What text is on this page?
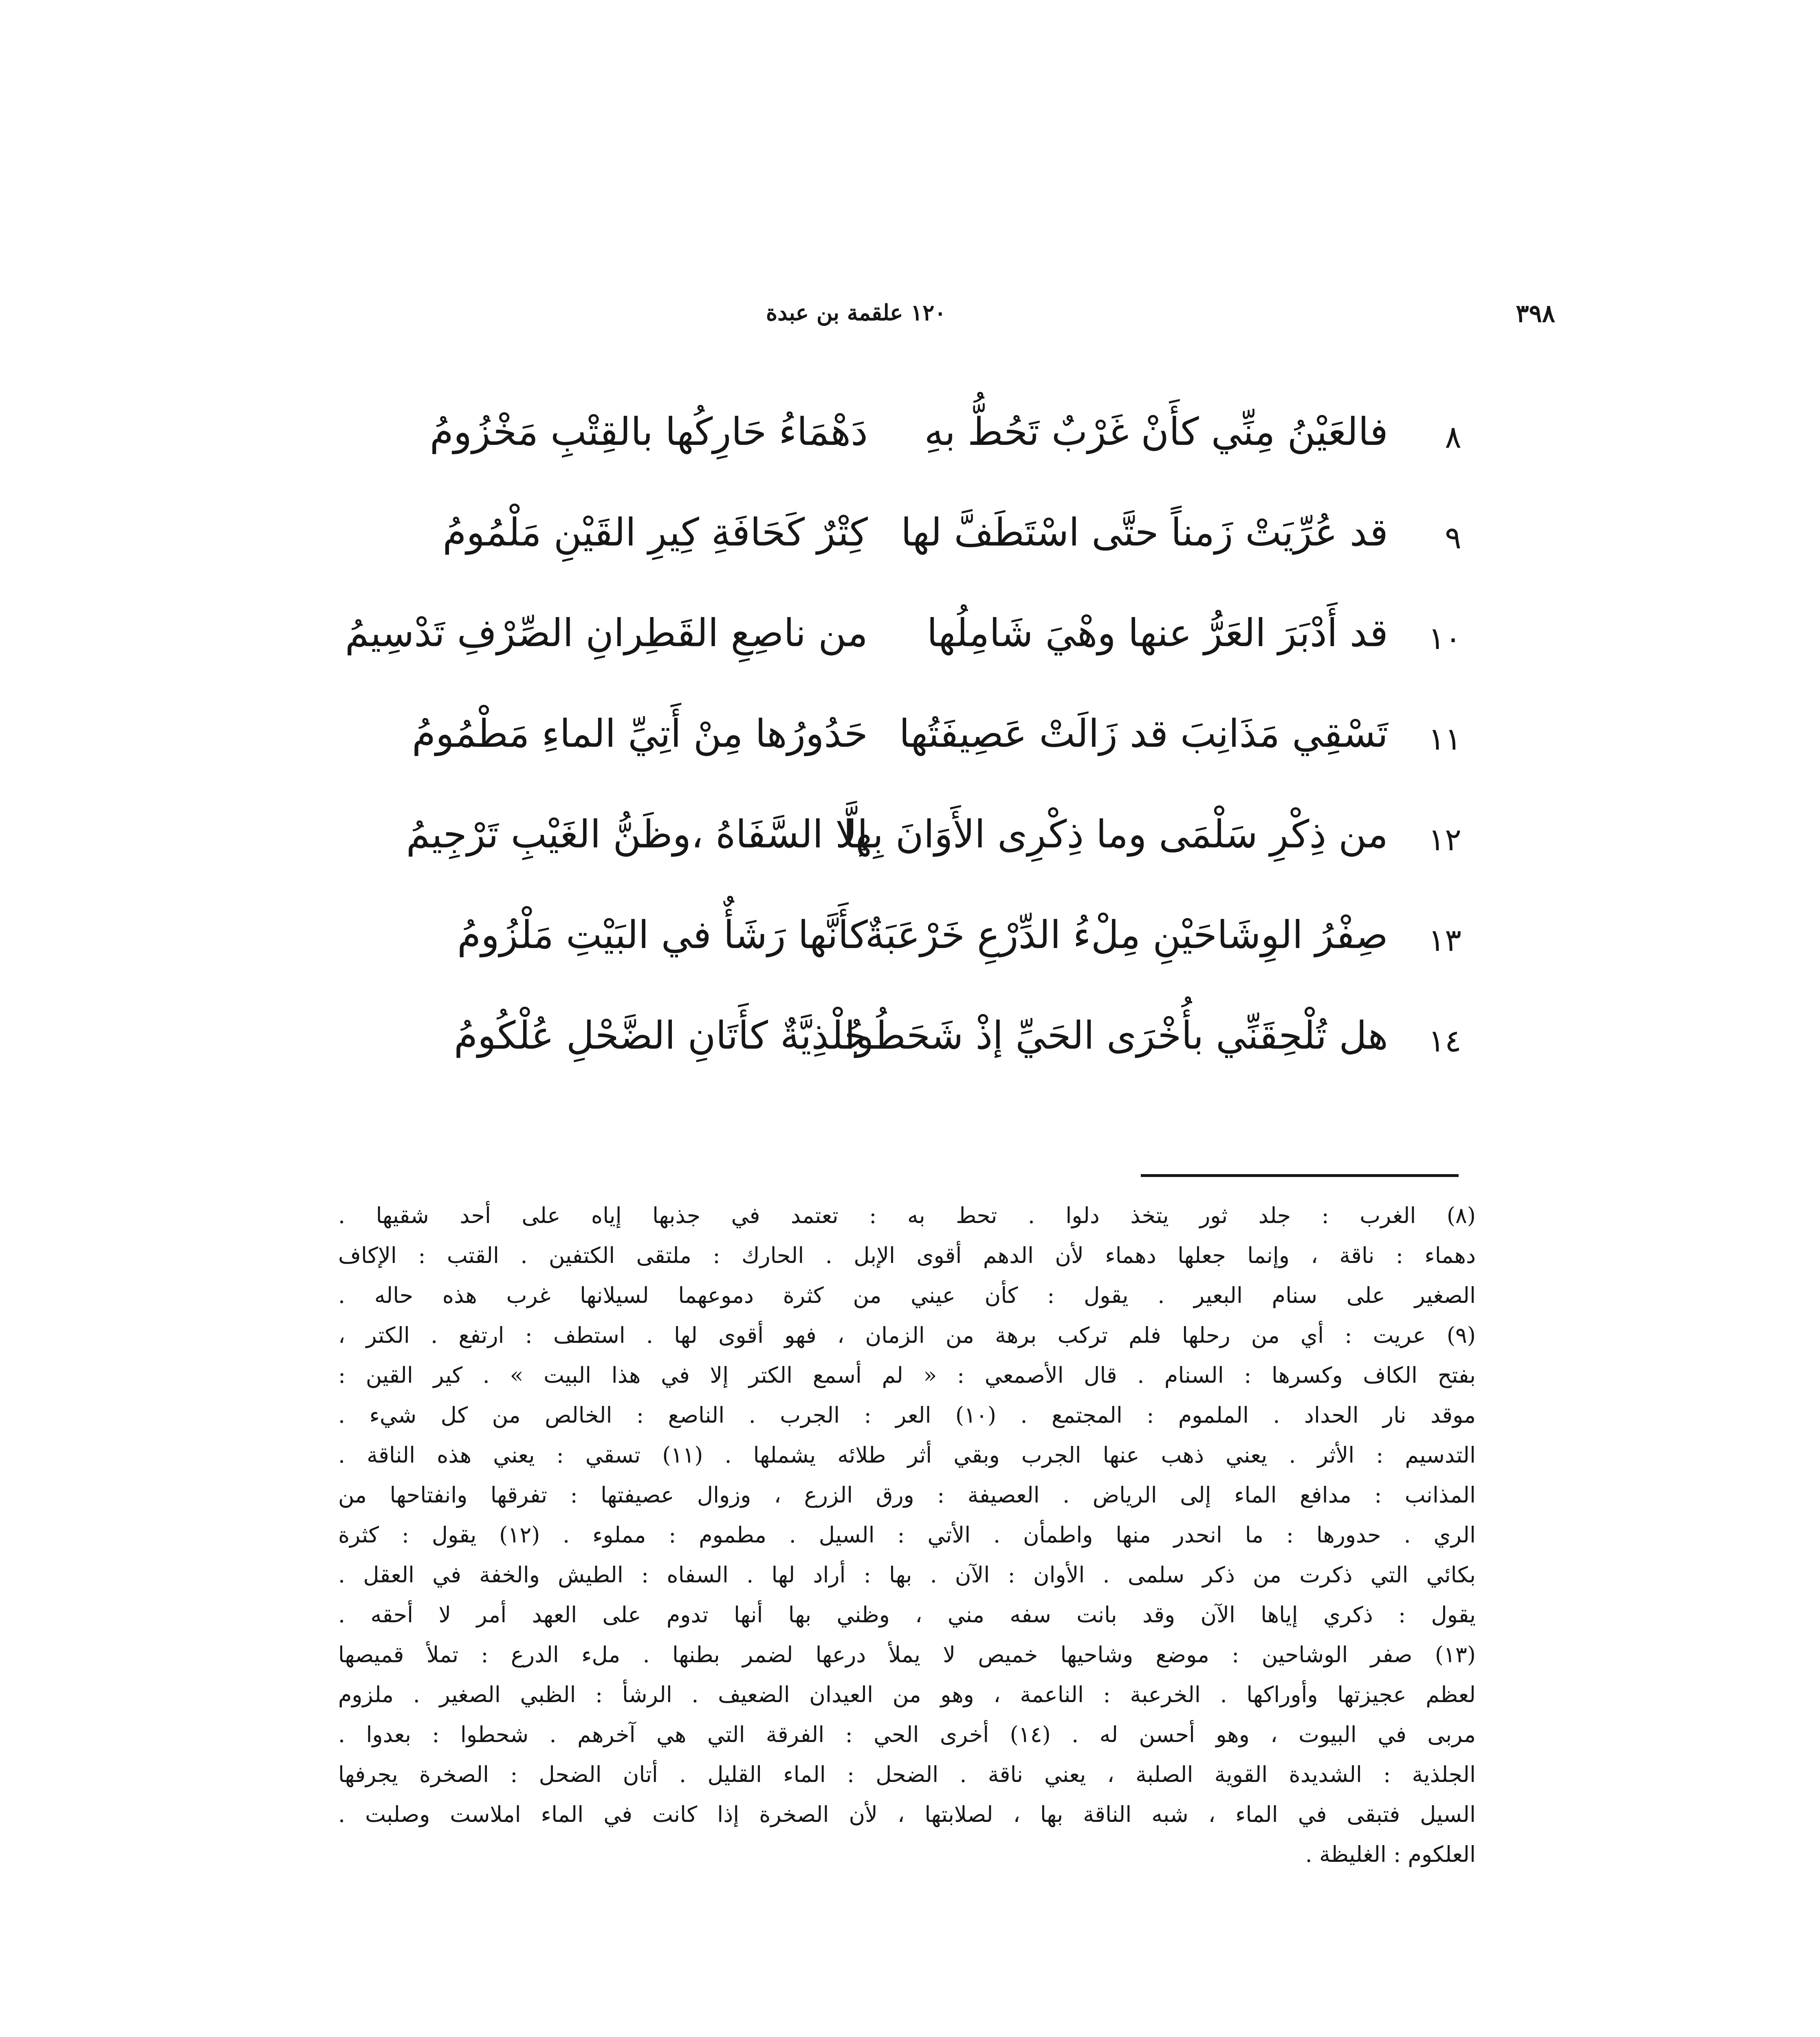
٣٩٨
١٢٠ علقمة بن عبدة
٨
فالعَيْنُ مِنِّي كأَنْ غَرْبٌ تَحُطُّ بهِ
دَهْمَاءُ حَارِكُها بالقِتْبِ مَخْزُومُ
٩
قد عُرِّيَتْ زَمناً حتَّى اسْتَطَفَّ لها
كِتْرٌ كَحَافَةِ كِيرِ القَيْنِ مَلْمُومُ
١٠
قد أَدْبَرَ العَرُّ عنها وهْيَ شَامِلُها
من ناصِعِ القَطِرانِ الصِّرْفِ تَدْسِيمُ
١١
تَسْقِي مَذَانِبَ قد زَالَتْ عَصِيفَتُها
حَدُورُها مِنْ أَتِيِّ الماءِ مَطْمُومُ
١٢
من ذِكْرِ سَلْمَى وما ذِكْرِى الأَوَانَ بِها
إلَّا السَّفَاهُ ،وظَنُّ الغَيْبِ تَرْجِيمُ
١٣
صِفْرُ الوِشَاحَيْنِ مِلْءُ الدِّرْعِ خَرْعَبَةٌ
كأَنَّها رَشَأٌ في البَيْتِ مَلْزُومُ
١٤
هل تُلْحِقَنِّي بأُخْرَى الحَيِّ إذْ شَحَطُوا
جُلْذِيَّةٌ كأَتَانِ الضَّحْلِ عُلْكُومُ
(٨) الغرب : جلد ثور يتخذ دلوا . تحط به : تعتمد في جذبها إياه على أحد شقيها .
دهماء : ناقة ، وإنما جعلها دهماء لأن الدهم أقوى الإبل . الحارك : ملتقى الكتفين . القتب : الإكاف
الصغير على سنام البعير . يقول : كأن عيني من كثرة دموعهما لسيلانها غرب هذه حاله .
(٩) عريت : أي من رحلها فلم تركب برهة من الزمان ، فهو أقوى لها . استطف : ارتفع . الكتر ،
بفتح الكاف وكسرها : السنام . قال الأصمعي : « لم أسمع الكتر إلا في هذا البيت » . كير القين :
موقد نار الحداد . الملموم : المجتمع . (١٠) العر : الجرب . الناصع : الخالص من كل شيء .
التدسيم : الأثر . يعني ذهب عنها الجرب وبقي أثر طلائه يشملها . (١١) تسقي : يعني هذه الناقة .
المذانب : مدافع الماء إلى الرياض . العصيفة : ورق الزرع ، وزوال عصيفتها : تفرقها وانفتاحها من
الري . حدورها : ما انحدر منها واطمأن . الأتي : السيل . مطموم : مملوء . (١٢) يقول : كثرة
بكائي التي ذكرت من ذكر سلمى . الأوان : الآن . بها : أراد لها . السفاه : الطيش والخفة في العقل .
يقول : ذكري إياها الآن وقد بانت سفه مني ، وظني بها أنها تدوم على العهد أمر لا أحقه .
(١٣) صفر الوشاحين : موضع وشاحيها خميص لا يملأ درعها لضمر بطنها . ملء الدرع : تملأ قميصها
لعظم عجيزتها وأوراكها . الخرعبة : الناعمة ، وهو من العيدان الضعيف . الرشأ : الظبي الصغير . ملزوم
مربى في البيوت ، وهو أحسن له . (١٤) أخرى الحي : الفرقة التي هي آخرهم . شحطوا : بعدوا .
الجلذية : الشديدة القوية الصلبة ، يعني ناقة . الضحل : الماء القليل . أتان الضحل : الصخرة يجرفها
السيل فتبقى في الماء ، شبه الناقة بها ، لصلابتها ، لأن الصخرة إذا كانت في الماء املاست وصلبت .
العلكوم : الغليظة .
